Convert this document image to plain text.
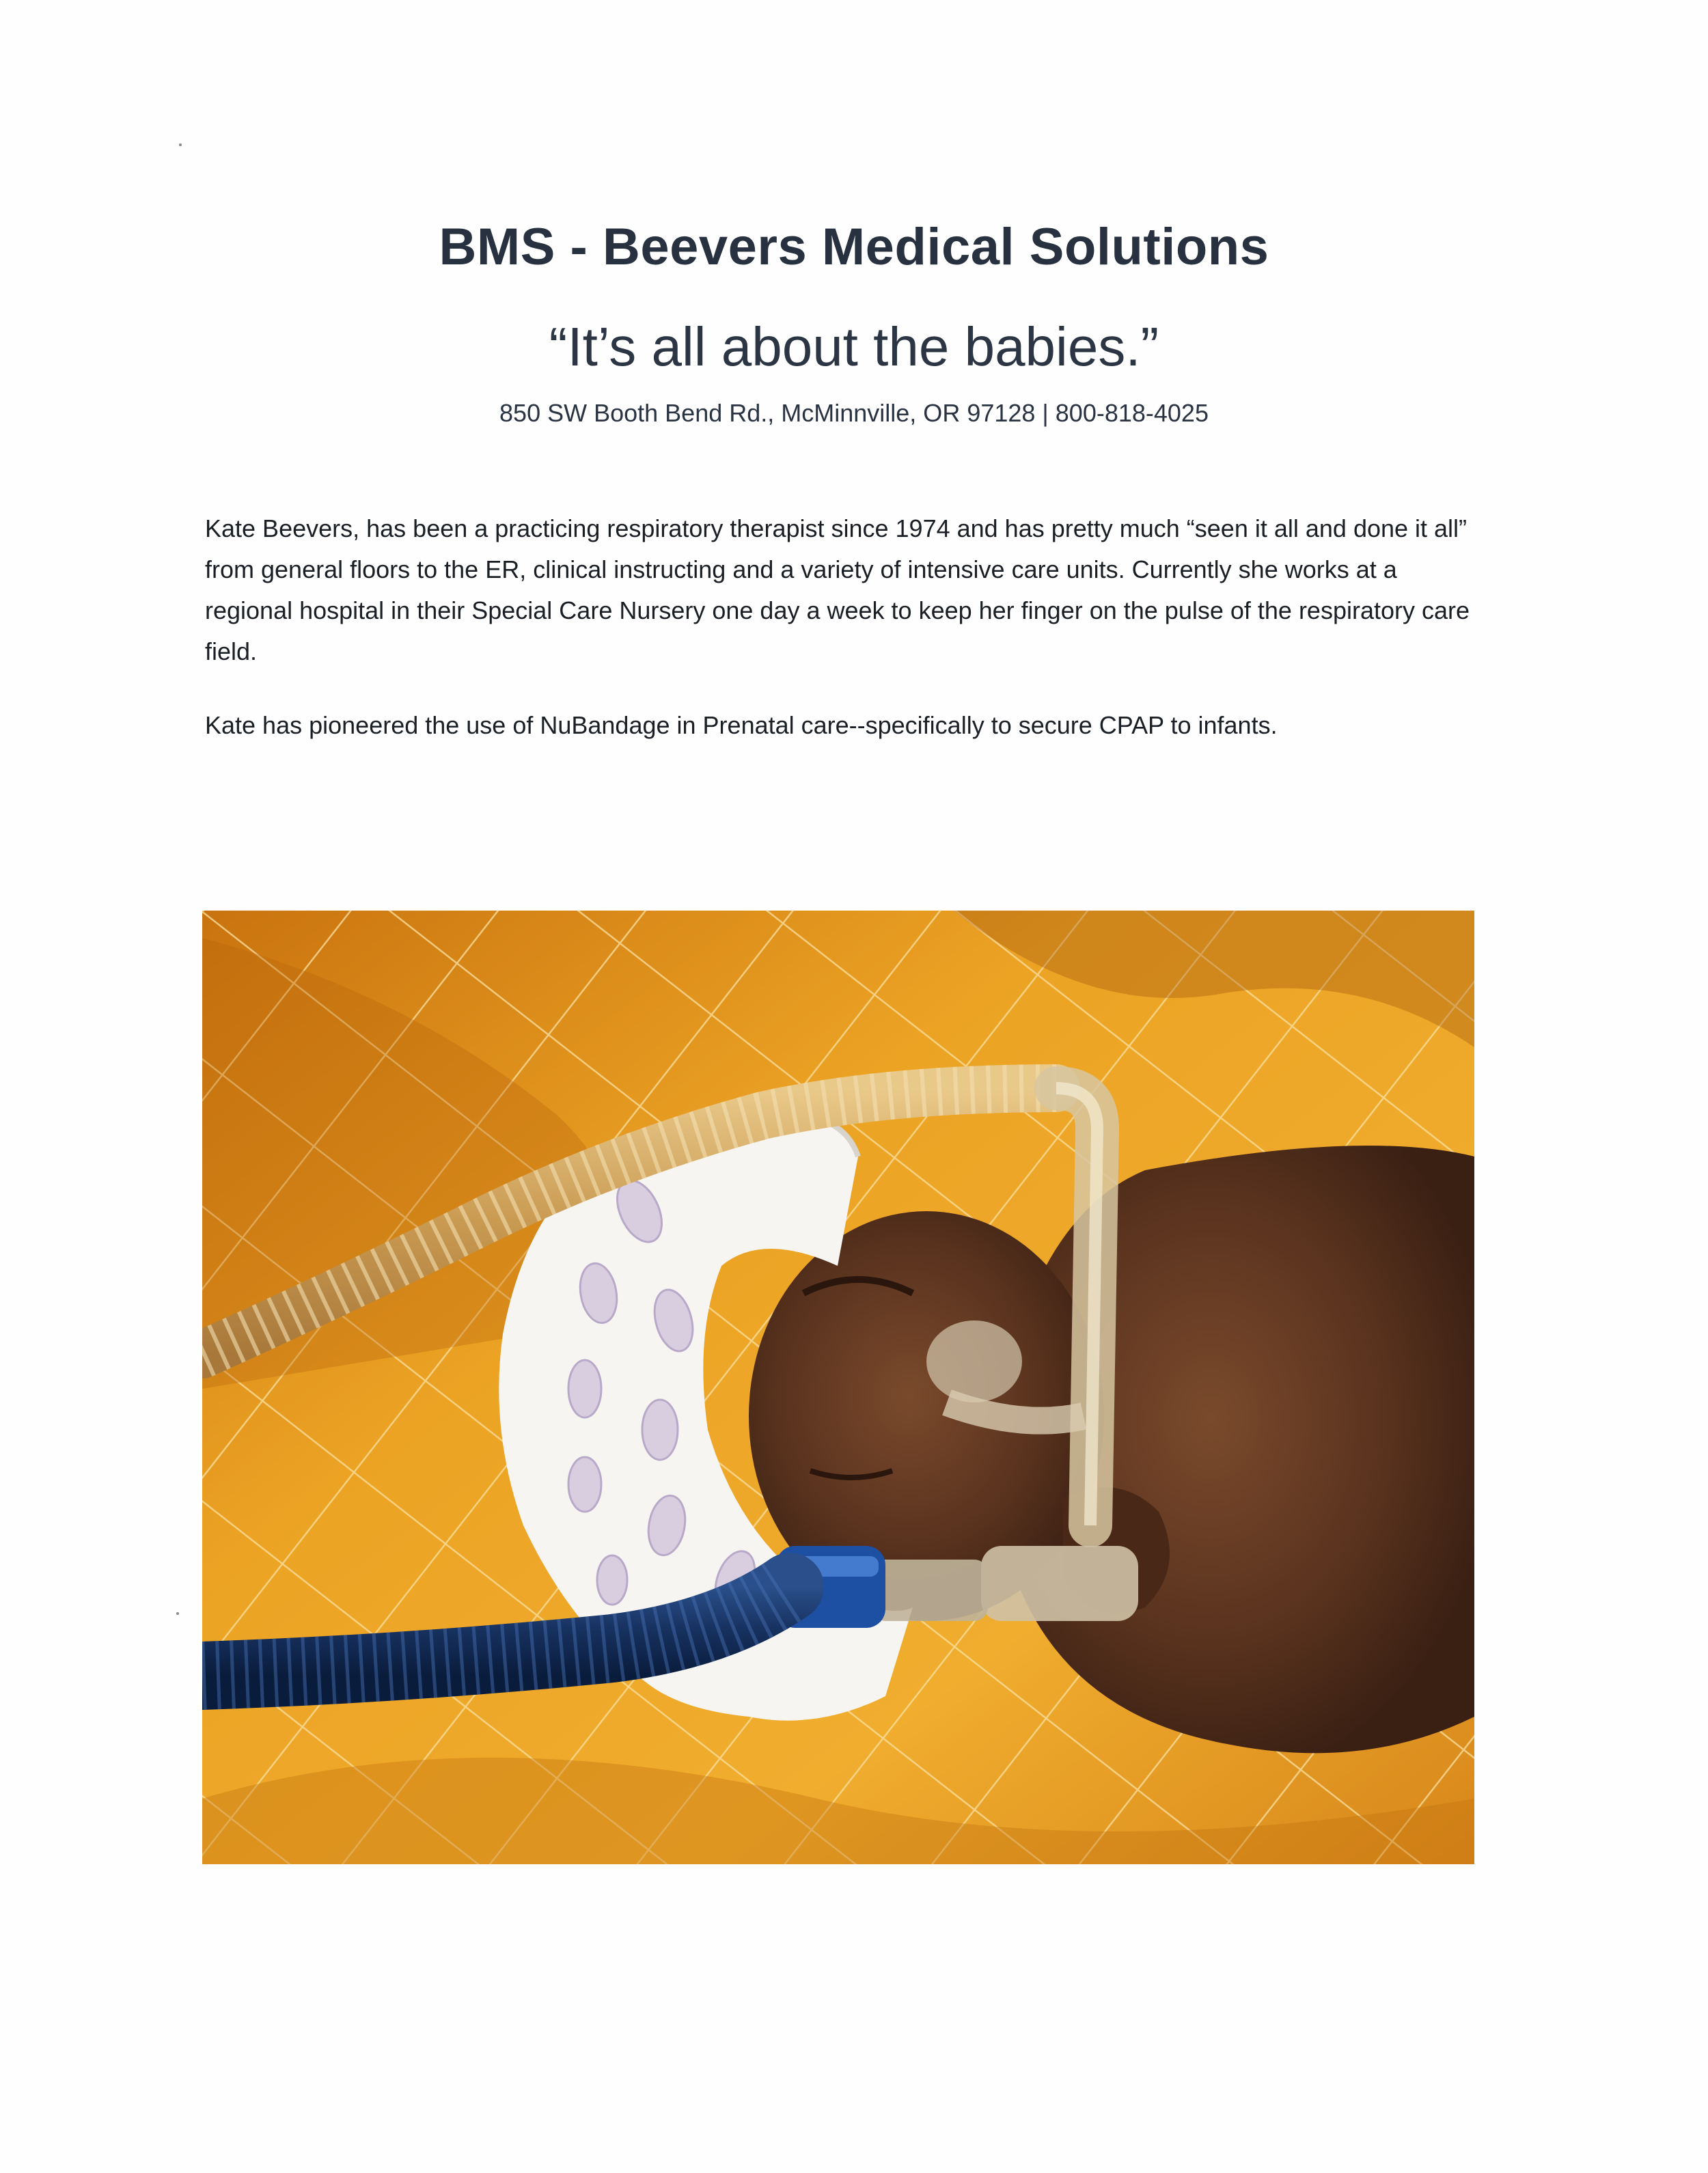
BMS - Beevers Medical Solutions
“It’s all about the babies.”
850 SW Booth Bend Rd., McMinnville, OR 97128 | 800-818-4025

Kate Beevers, has been a practicing respiratory therapist since 1974 and has pretty much “seen it all and done it all” from general floors to the ER, clinical instructing and a variety of intensive care units. Currently she works at a regional hospital in their Special Care Nursery one day a week to keep her finger on the pulse of the respiratory care field.

Kate has pioneered the use of NuBandage in Prenatal care--specifically to secure CPAP to infants.
